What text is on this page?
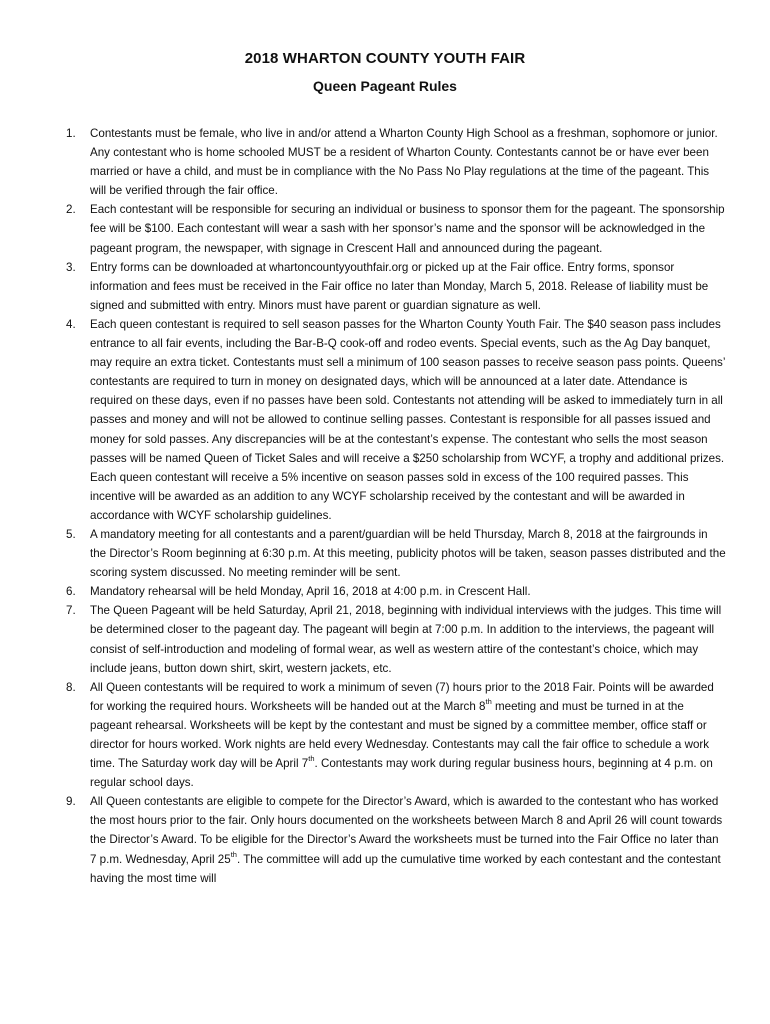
2018 WHARTON COUNTY YOUTH FAIR
Queen Pageant Rules
1.	Contestants must be female, who live in and/or attend a Wharton County High School as a freshman, sophomore or junior. Any contestant who is home schooled MUST be a resident of Wharton County. Contestants cannot be or have ever been married or have a child, and must be in compliance with the No Pass No Play regulations at the time of the pageant. This will be verified through the fair office.
2.	Each contestant will be responsible for securing an individual or business to sponsor them for the pageant. The sponsorship fee will be $100. Each contestant will wear a sash with her sponsor’s name and the sponsor will be acknowledged in the pageant program, the newspaper, with signage in Crescent Hall and announced during the pageant.
3.	Entry forms can be downloaded at whartoncountyyouthfair.org or picked up at the Fair office. Entry forms, sponsor information and fees must be received in the Fair office no later than Monday, March 5, 2018. Release of liability must be signed and submitted with entry. Minors must have parent or guardian signature as well.
4.	Each queen contestant is required to sell season passes for the Wharton County Youth Fair. The $40 season pass includes entrance to all fair events, including the Bar-B-Q cook-off and rodeo events. Special events, such as the Ag Day banquet, may require an extra ticket. Contestants must sell a minimum of 100 season passes to receive season pass points. Queens’ contestants are required to turn in money on designated days, which will be announced at a later date. Attendance is required on these days, even if no passes have been sold. Contestants not attending will be asked to immediately turn in all passes and money and will not be allowed to continue selling passes. Contestant is responsible for all passes issued and money for sold passes. Any discrepancies will be at the contestant’s expense. The contestant who sells the most season passes will be named Queen of Ticket Sales and will receive a $250 scholarship from WCYF, a trophy and additional prizes. Each queen contestant will receive a 5% incentive on season passes sold in excess of the 100 required passes. This incentive will be awarded as an addition to any WCYF scholarship received by the contestant and will be awarded in accordance with WCYF scholarship guidelines.
5.	A mandatory meeting for all contestants and a parent/guardian will be held Thursday, March 8, 2018 at the fairgrounds in the Director’s Room beginning at 6:30 p.m. At this meeting, publicity photos will be taken, season passes distributed and the scoring system discussed. No meeting reminder will be sent.
6.	Mandatory rehearsal will be held Monday, April 16, 2018 at 4:00 p.m. in Crescent Hall.
7.	The Queen Pageant will be held Saturday, April 21, 2018, beginning with individual interviews with the judges. This time will be determined closer to the pageant day. The pageant will begin at 7:00 p.m. In addition to the interviews, the pageant will consist of self-introduction and modeling of formal wear, as well as western attire of the contestant’s choice, which may include jeans, button down shirt, skirt, western jackets, etc.
8.	All Queen contestants will be required to work a minimum of seven (7) hours prior to the 2018 Fair. Points will be awarded for working the required hours. Worksheets will be handed out at the March 8th meeting and must be turned in at the pageant rehearsal. Worksheets will be kept by the contestant and must be signed by a committee member, office staff or director for hours worked. Work nights are held every Wednesday. Contestants may call the fair office to schedule a work time. The Saturday work day will be April 7th. Contestants may work during regular business hours, beginning at 4 p.m. on regular school days.
9.	All Queen contestants are eligible to compete for the Director’s Award, which is awarded to the contestant who has worked the most hours prior to the fair. Only hours documented on the worksheets between March 8 and April 26 will count towards the Director’s Award. To be eligible for the Director’s Award the worksheets must be turned into the Fair Office no later than 7 p.m. Wednesday, April 25th. The committee will add up the cumulative time worked by each contestant and the contestant having the most time will
